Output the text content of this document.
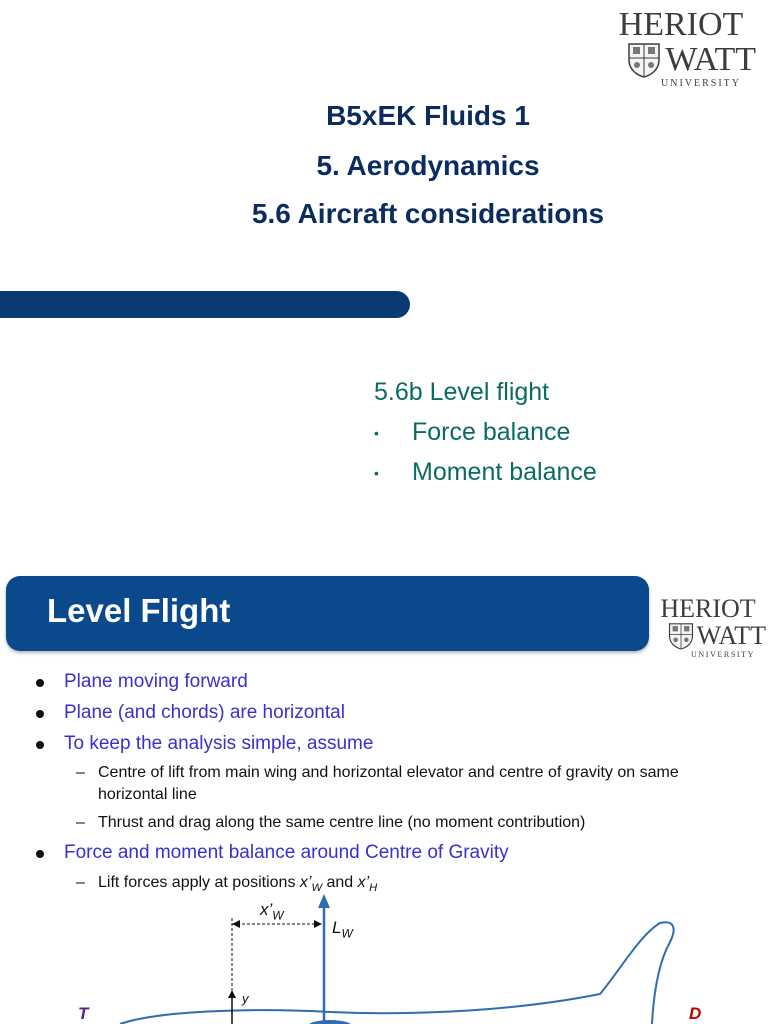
HERIOT
WATT
UNIVERSITY
B5xEK Fluids 1
5. Aerodynamics
5.6 Aircraft considerations
5.6b Level flight
• Force balance
• Moment balance
Level Flight	HERIOT
WATT
UNIVERSITY
Plane moving forward
Plane (and chords) are horizontal
To keep the analysis simple, assume
– Centre of lift from main wing and horizontal elevator and centre of gravity on same horizontal line
– Thrust and drag along the same centre line (no moment contribution)
Force and moment balance around Centre of Gravity
– Lift forces apply at positions $x’_W$ and $x’_H$
$x’_W$
$L_W$
y
T	D
